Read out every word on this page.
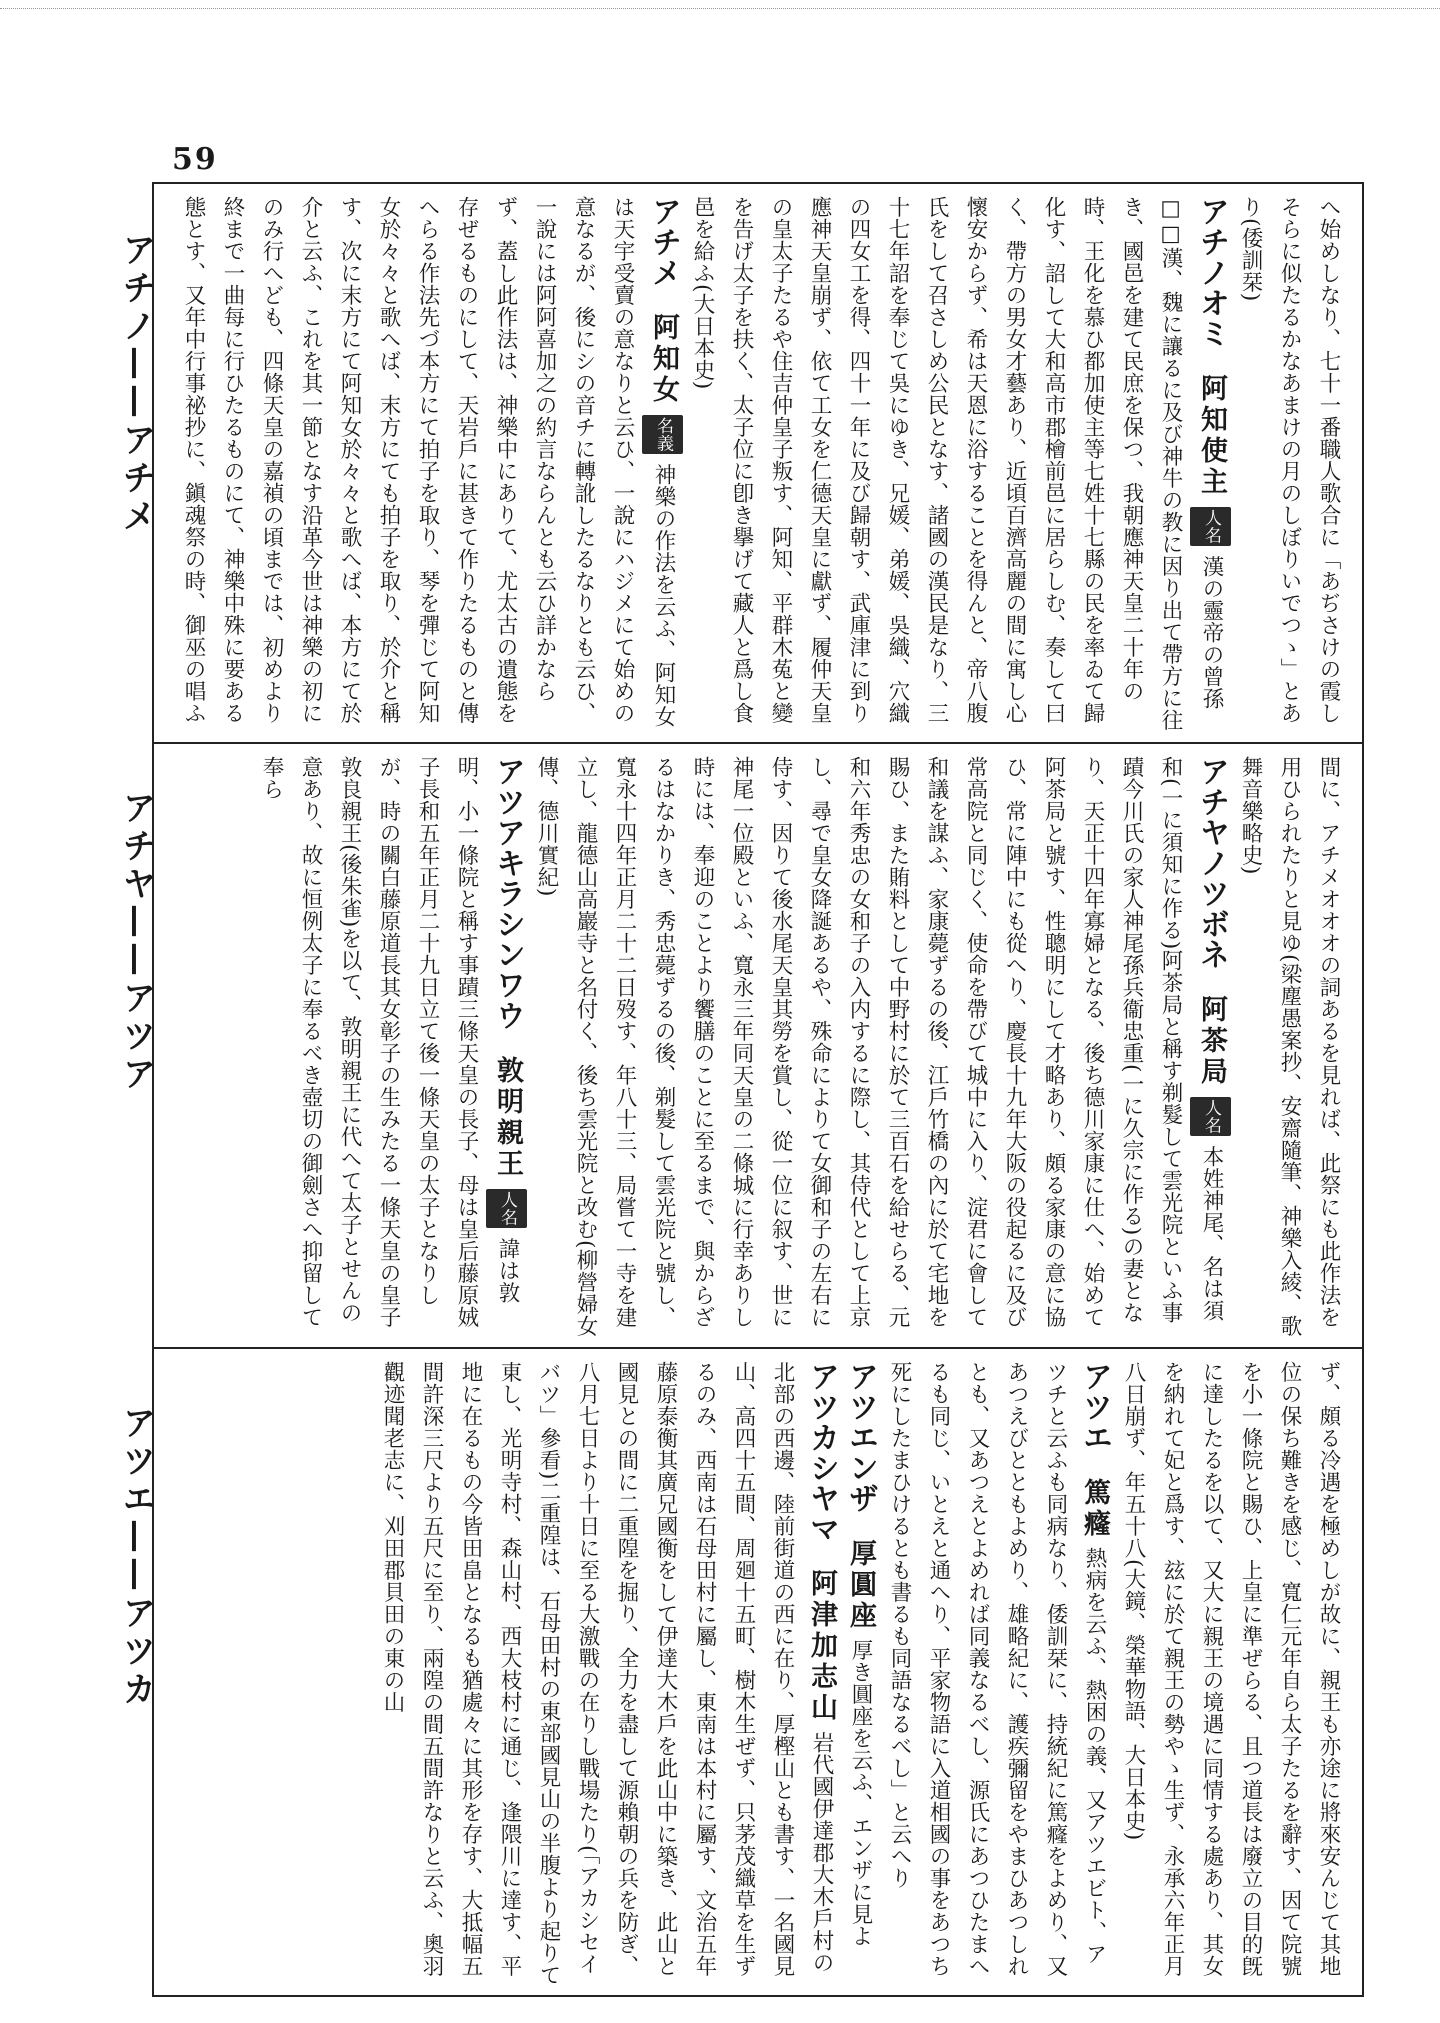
59
アチノ——アチメ
アチヤ——アツア
アツエ——アツカ
へ始めしなり、七十一番職人歌合に「あぢさけの霞しそらに似たるかなあまけの月のしぼりいでつゝ」とあり(倭訓栞)
アチノオミ 阿知使主 人名 漢の靈帝の曾孫□□漢、魏に讓るに及び神牛の教に因り出て帶方に往き、國邑を建て民庶を保つ、我朝應神天皇二十年の時、王化を慕ひ都加使主等七姓十七縣の民を率ゐて歸化す、詔して大和高市郡檜前邑に居らしむ、奏して曰く、帶方の男女才藝あり、近頃百濟高麗の間に寓し心懷安からず、希は天恩に浴することを得んと、帝八腹氏をして召さしめ公民となす、諸國の漢民是なり、三十七年詔を奉じて吳にゆき、兄媛、弟媛、吳織、穴織の四女工を得、四十一年に及び歸朝す、武庫津に到り應神天皇崩ず、依て工女を仁德天皇に獻ず、履仲天皇の皇太子たるや住吉仲皇子叛す、阿知、平群木菟と變を告げ太子を扶く、太子位に卽き擧げて藏人と爲し食邑を給ふ(大日本史)
アチメ 阿知女 名義 神樂の作法を云ふ、阿知女は天宇受賣の意なりと云ひ、一說にハジメにて始めの意なるが、後にシの音チに轉訛したるなりとも云ひ、一說には阿阿喜加之の約言ならんとも云ひ詳かならず、蓋し此作法は、神樂中にありて、尤太古の遺態を存ぜるものにして、天岩戶に甚きて作りたるものと傳へらる作法先づ本方にて拍子を取り、琴を彈じて阿知女於々々と歌へば、末方にても拍子を取り、於介と稱す、次に末方にて阿知女於々々と歌へば、本方にて於介と云ふ、これを其一節となす沿革今世は神樂の初にのみ行へども、四條天皇の嘉禎の頃までは、初めより終まで一曲每に行ひたるものにて、神樂中殊に要ある態とす、又年中行事祕抄に、鎭魂祭の時、御巫の唱ふ
間に、アチメオオオの詞あるを見れば、此祭にも此作法を用ひられたりと見ゆ(梁塵愚案抄、安齋隨筆、神樂入綾、歌舞音樂略史)
アチヤノツボネ 阿茶局 人名 本姓神尾、名は須和(一に須知に作る)阿茶局と稱す剃髮して雲光院といふ事蹟今川氏の家人神尾孫兵衞忠重(一に久宗に作る)の妻となり、天正十四年寡婦となる、後ち德川家康に仕へ、始めて阿茶局と號す、性聰明にして才略あり、頗る家康の意に協ひ、常に陣中にも從へり、慶長十九年大阪の役起るに及び常高院と同じく、使命を帶びて城中に入り、淀君に會して和議を謀ふ、家康薨ずるの後、江戶竹橋の內に於て宅地を賜ひ、また賄料として中野村に於て三百石を給せらる、元和六年秀忠の女和子の入内するに際し、其侍代として上京し、尋で皇女降誕あるや、殊命によりて女御和子の左右に侍す、因りて後水尾天皇其勞を賞し、從一位に叙す、世に神尾一位殿といふ、寬永三年同天皇の二條城に行幸ありし時には、奉迎のことより饗膳のことに至るまで、與からざるはなかりき、秀忠薨ずるの後、剃髮して雲光院と號し、寬永十四年正月二十二日歿す、年八十三、局嘗て一寺を建立し、龍德山高巖寺と名付く、後ち雲光院と改む(柳營婦女傳、德川實紀)
アツアキラシンワウ 敦明親王 人名 諱は敦明、小一條院と稱す事蹟三條天皇の長子、母は皇后藤原娀子長和五年正月二十九日立て後一條天皇の太子となりしが、時の關白藤原道長其女彰子の生みたる一條天皇の皇子敦良親王(後朱雀)を以て、敦明親王に代へて太子とせんの意あり、故に恒例太子に奉るべき壺切の御劍さへ抑留して奉ら
ず、頗る冷遇を極めしが故に、親王も亦途に將來安んじて其地位の保ち難きを感じ、寬仁元年自ら太子たるを辭す、因て院號を小一條院と賜ひ、上皇に準ぜらる、且つ道長は廢立の目的旣に達したるを以て、又大に親王の境遇に同情する處あり、其女を納れて妃と爲す、玆に於て親王の勢やゝ生ず、永承六年正月八日崩ず、年五十八(大鏡、榮華物語、大日本史)
アツエ 篤癃 熱病を云ふ、熱困の義、又アツエビト、アツチと云ふも同病なり、倭訓栞に、持統紀に篤癃をよめり、又あつえびとともよめり、雄略紀に、護疾彌留をやまひあつしれとも、又あつえとよめれば同義なるべし、源氏にあつひたまへるも同じ、いとえと通へり、平家物語に入道相國の事をあつち死にしたまひけるとも書るも同語なるべし」と云へり
アツエンザ 厚圓座 厚き圓座を云ふ、エンザに見よ
アツカシヤマ 阿津加志山 岩代國伊達郡大木戶村の北部の西邊、陸前街道の西に在り、厚樫山とも書す、一名國見山、高四十五間、周廻十五町、樹木生ぜず、只茅茂織草を生ずるのみ、西南は石母田村に屬し、東南は本村に屬す、文治五年藤原泰衡其廣兄國衡をして伊達大木戶を此山中に築き、此山と國見との間に二重隍を掘り、全力を盡して源賴朝の兵を防ぎ、八月七日より十日に至る大激戰の在りし戰場たり(「アカシセイバツ」參看)二重隍は、石母田村の東部國見山の半腹より起りて東し、光明寺村、森山村、西大枝村に通じ、逢隈川に達す、平地に在るもの今皆田畠となるも猶處々に其形を存す、大抵幅五間許深三尺より五尺に至り、兩隍の間五間許なりと云ふ、奧羽觀迹聞老志に、刈田郡貝田の東の山
